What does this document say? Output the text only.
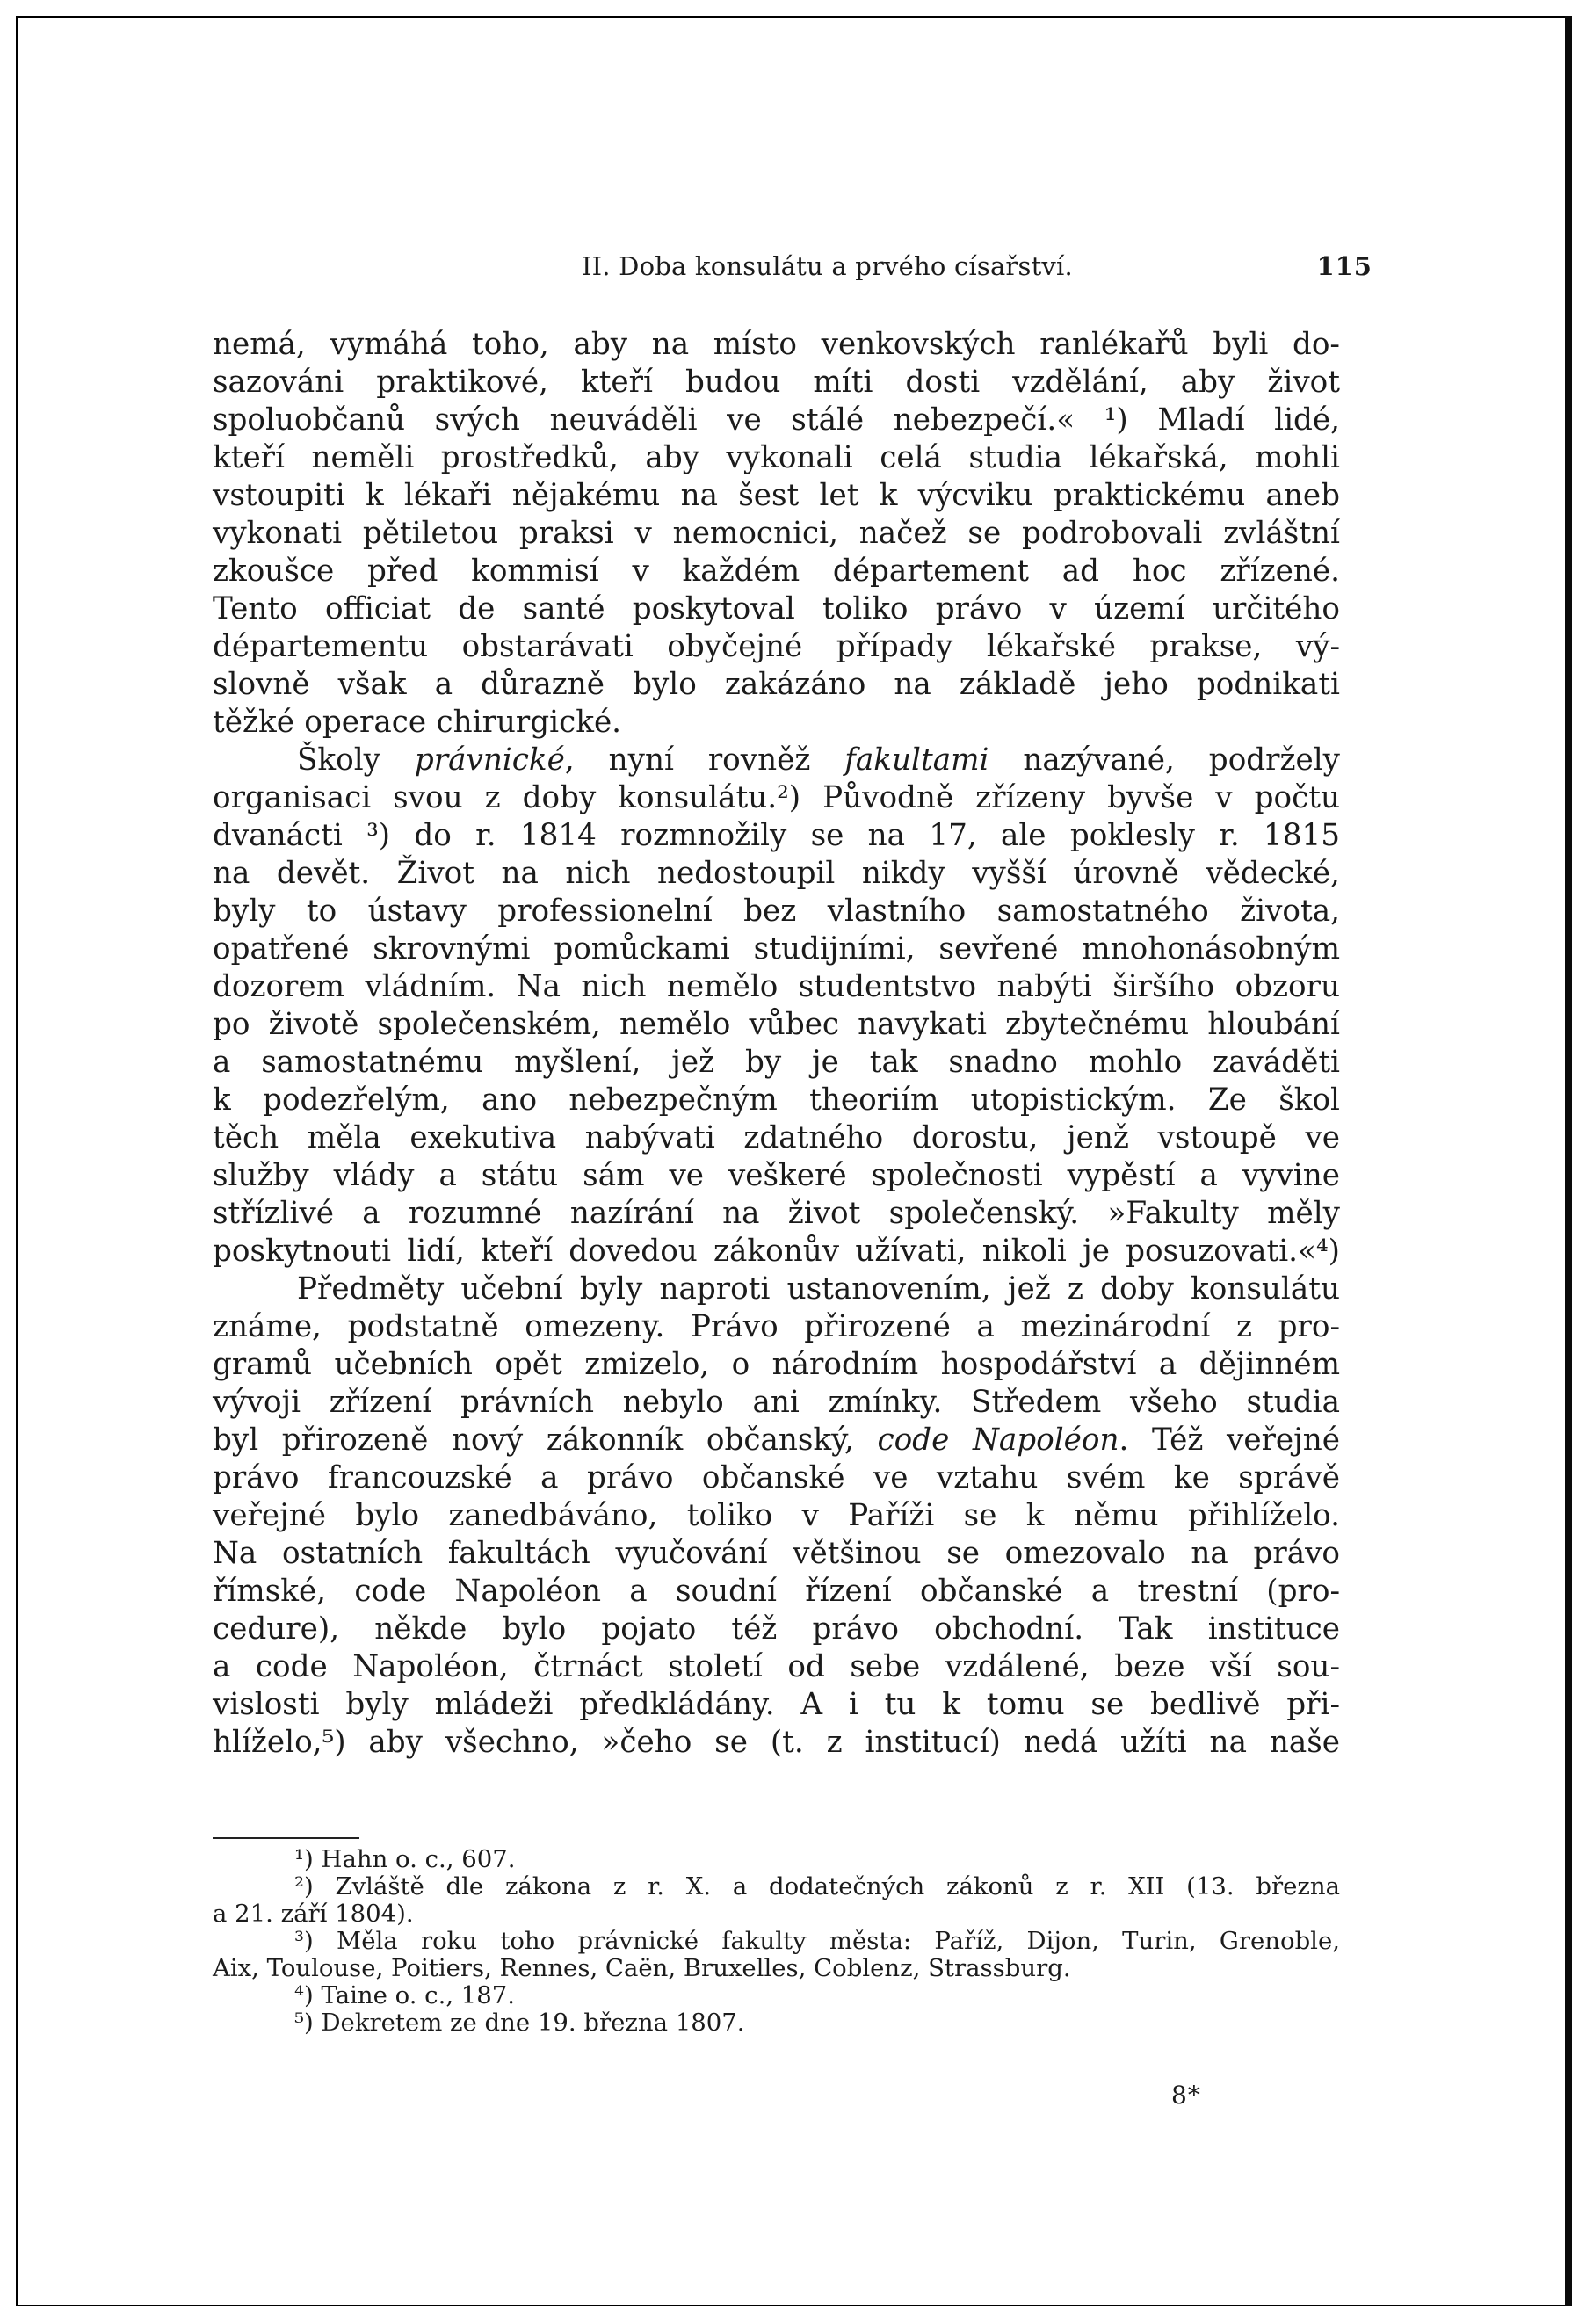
II. Doba konsulátu a prvého císařství.	115
nemá, vymáhá toho, aby na místo venkovských ranlékařů byli do-
sazováni praktikové, kteří budou míti dosti vzdělání, aby život
spoluobčanů svých neuváděli ve stálé nebezpečí.« ¹) Mladí lidé,
kteří neměli prostředků, aby vykonali celá studia lékařská, mohli
vstoupiti k lékaři nějakému na šest let k výcviku praktickému aneb
vykonati pětiletou praksi v nemocnici, načež se podrobovali zvláštní
zkoušce před kommisí v každém département ad hoc zřízené.
Tento officiat de santé poskytoval toliko právo v území určitého
départementu obstarávati obyčejné případy lékařské prakse, vý-
slovně však a důrazně bylo zakázáno na základě jeho podnikati
těžké operace chirurgické.
Školy právnické, nyní rovněž fakultami nazývané, podržely
organisaci svou z doby konsulátu.²) Původně zřízeny byvše v počtu
dvanácti ³) do r. 1814 rozmnožily se na 17, ale poklesly r. 1815
na devět. Život na nich nedostoupil nikdy vyšší úrovně vědecké,
byly to ústavy professionelní bez vlastního samostatného života,
opatřené skrovnými pomůckami studijními, sevřené mnohonásobným
dozorem vládním. Na nich nemělo studentstvo nabýti širšího obzoru
po životě společenském, nemělo vůbec navykati zbytečnému hloubání
a samostatnému myšlení, jež by je tak snadno mohlo zaváděti
k podezřelým, ano nebezpečným theoriím utopistickým. Ze škol
těch měla exekutiva nabývati zdatného dorostu, jenž vstoupě ve
služby vlády a státu sám ve veškeré společnosti vypěstí a vyvine
střízlivé a rozumné nazírání na život společenský. »Fakulty měly
poskytnouti lidí, kteří dovedou zákonův užívati, nikoli je posuzovati.«⁴)
Předměty učební byly naproti ustanovením, jež z doby konsulátu
známe, podstatně omezeny. Právo přirozené a mezinárodní z pro-
gramů učebních opět zmizelo, o národním hospodářství a dějinném
vývoji zřízení právních nebylo ani zmínky. Středem všeho studia
byl přirozeně nový zákonník občanský, code Napoléon. Též veřejné
právo francouzské a právo občanské ve vztahu svém ke správě
veřejné bylo zanedbáváno, toliko v Paříži se k němu přihlíželo.
Na ostatních fakultách vyučování většinou se omezovalo na právo
římské, code Napoléon a soudní řízení občanské a trestní (pro-
cedure), někde bylo pojato též právo obchodní. Tak instituce
a code Napoléon, čtrnáct století od sebe vzdálené, beze vší sou-
vislosti byly mládeži předkládány. A i tu k tomu se bedlivě při-
hlíželo,⁵) aby všechno, »čeho se (t. z institucí) nedá užíti na naše
¹) Hahn o. c., 607.
²) Zvláště dle zákona z r. X. a dodatečných zákonů z r. XII (13. března
a 21. září 1804).
³) Měla roku toho právnické fakulty města: Paříž, Dijon, Turin, Grenoble,
Aix, Toulouse, Poitiers, Rennes, Caën, Bruxelles, Coblenz, Strassburg.
⁴) Taine o. c., 187.
⁵) Dekretem ze dne 19. března 1807.
8*
